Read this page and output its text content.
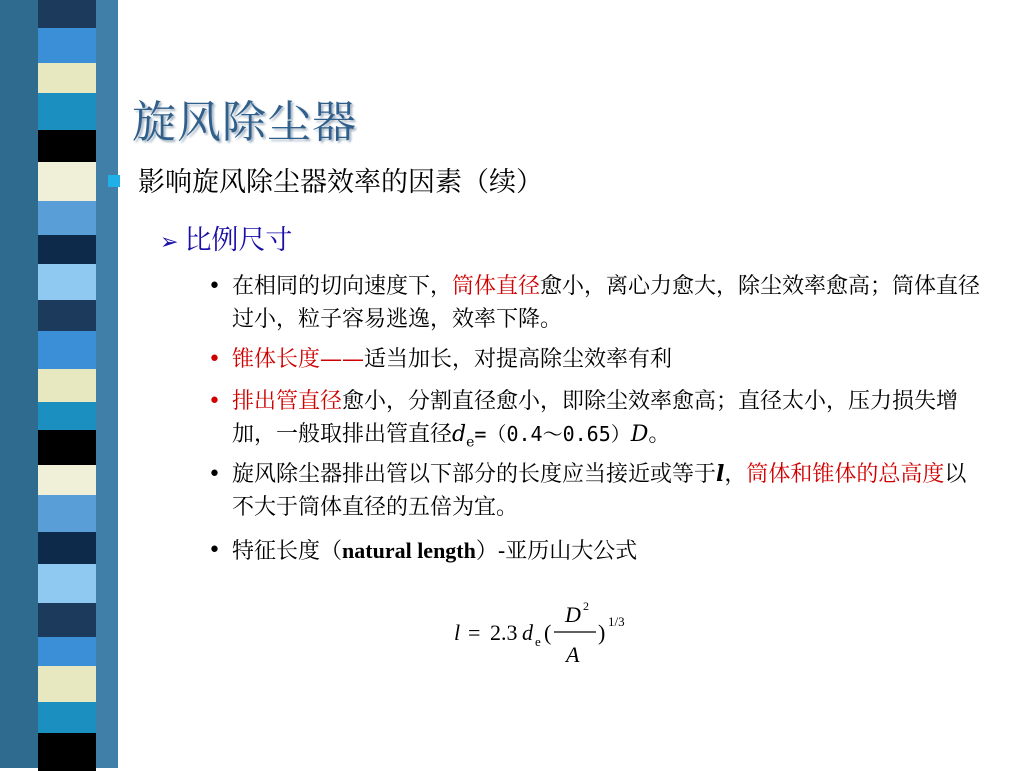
旋风除尘器
影响旋风除尘器效率的因素（续）
➢ 比例尺寸
• 在相同的切向速度下，筒体直径愈小，离心力愈大，除尘效率愈高；筒体直径过小，粒子容易逃逸，效率下降。
• 锥体长度——适当加长，对提高除尘效率有利
• 排出管直径愈小，分割直径愈小，即除尘效率愈高；直径太小，压力损失增加，一般取排出管直径$d_e=(0.4\sim 0.65)D$。
• 旋风除尘器排出管以下部分的长度应当接近或等于l，筒体和锥体的总高度以不大于筒体直径的五倍为宜。
• 特征长度（natural length）-亚历山大公式
l = 2.3 d e (
D 2
A
) 1/3
